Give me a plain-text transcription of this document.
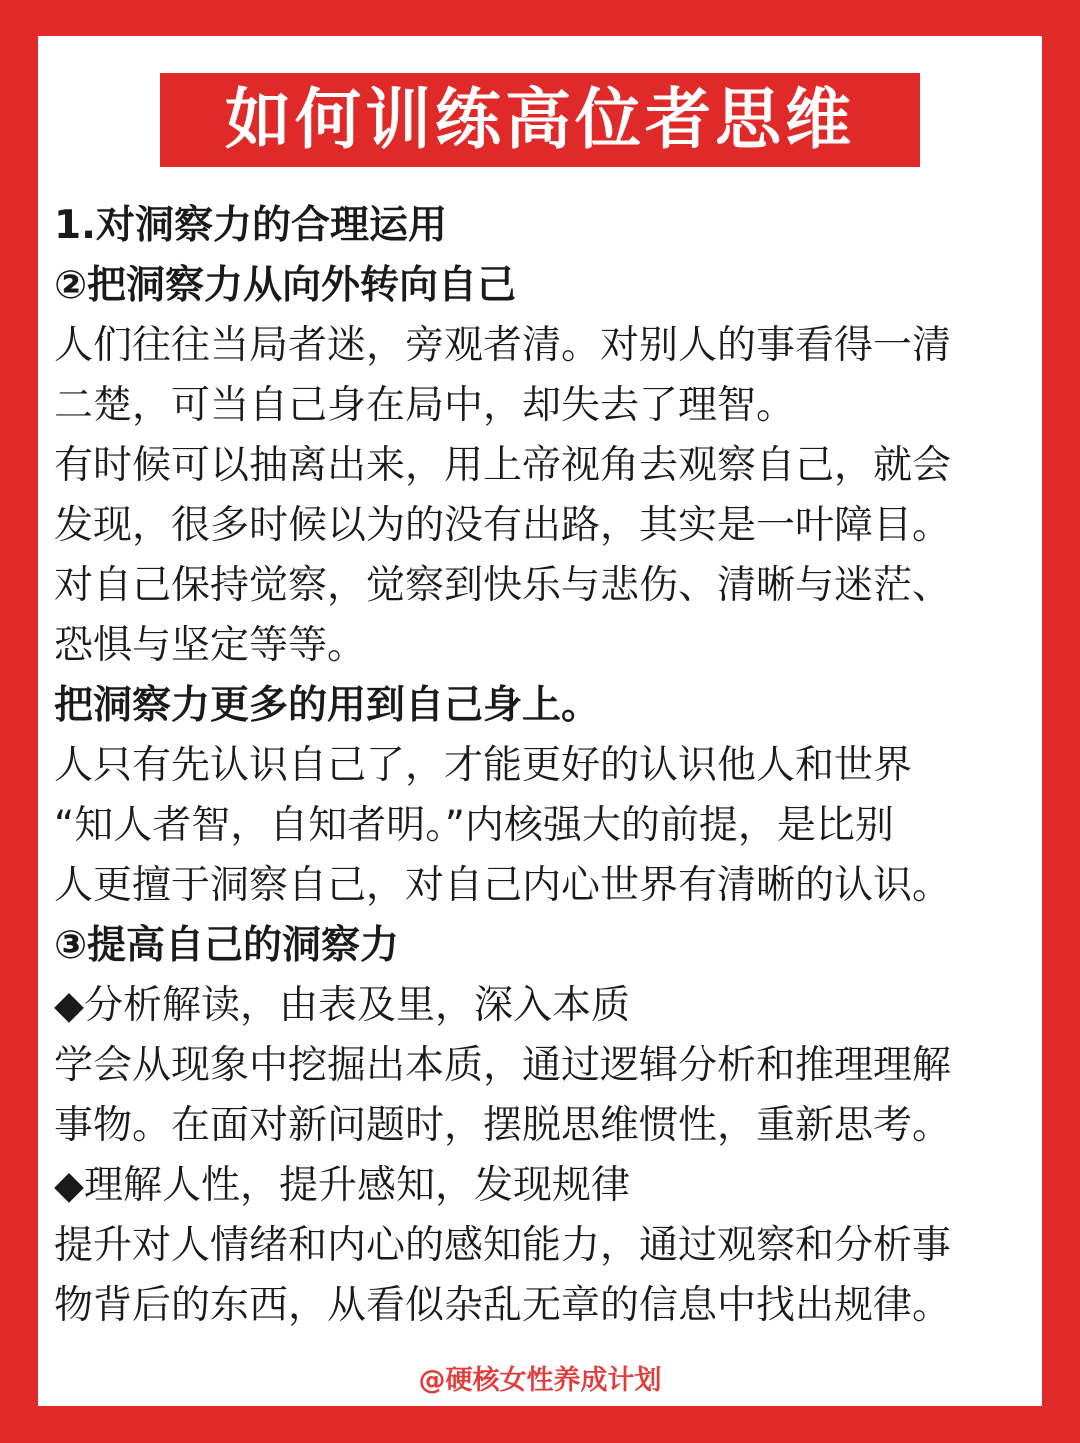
如何训练高位者思维
1.对洞察力的合理运用
②把洞察力从向外转向自己
人们往往当局者迷，旁观者清。对别人的事看得一清
二楚，可当自己身在局中，却失去了理智。
有时候可以抽离出来，用上帝视角去观察自己，就会
发现，很多时候以为的没有出路，其实是一叶障目。
对自己保持觉察，觉察到快乐与悲伤、清晰与迷茫、
恐惧与坚定等等。
把洞察力更多的用到自己身上。
人只有先认识自己了，才能更好的认识他人和世界
“知人者智，自知者明。”内核强大的前提，是比别
人更擅于洞察自己，对自己内心世界有清晰的认识。
③提高自己的洞察力
◆分析解读，由表及里，深入本质
学会从现象中挖掘出本质，通过逻辑分析和推理理解
事物。在面对新问题时，摆脱思维惯性，重新思考。
◆理解人性，提升感知，发现规律
提升对人情绪和内心的感知能力，通过观察和分析事
物背后的东西，从看似杂乱无章的信息中找出规律。
@硬核女性养成计划
